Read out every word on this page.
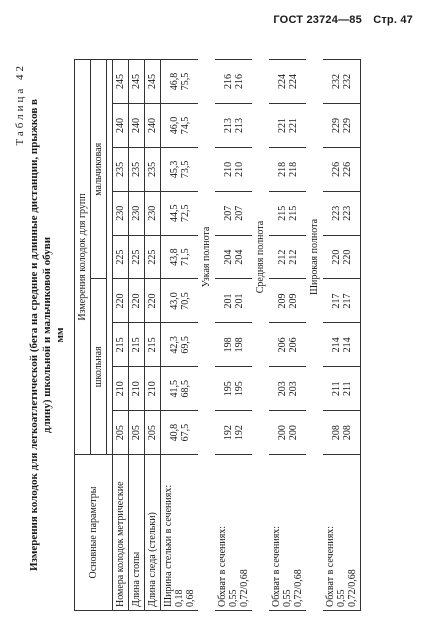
ГОСТ 23724—85 Стр. 47
Таблица 42 Измерения колодок для легкоатлетической (бега на средние и длинные дистанции, прыжков в длину) школьной и мальчиковой обуви мм
Основные параметры	Измерения колодок для групп								
	школьная				мальчиковая				

Номера колодок метрические	205	210	215	220	225	230	235	240	245
Длина стопы	205	210	215	220	225	230	235	240	245
Длина следа (стельки)	205	210	215	220	225	230	235	240	245

Ширина стельки в сечениях: 0,18 0,68	40,8 67,5	41,5 68,5	42,3 69,5	43,0 70,5	43,8 71,5	44,5 72,5	45,3 73,5	46,0 74,5	46,8 75,5

	Узкая полнота								

Обхват в сечениях: 0,55 0,72/0,68	192 192	195 195	198 198	201 201	204 204	207 207	210 210	213 213	216 216

	Средняя полнота								

Обхват в сечениях: 0,55 0,72/0,68	200 200	203 203	206 206	209 209	212 212	215 215	218 218	221 221	224 224

	Широкая полнота								

Обхват в сечениях: 0,55 0,72/0,68	208 208	211 211	214 214	217 217	220 220	223 223	226 226	229 229	232 232
